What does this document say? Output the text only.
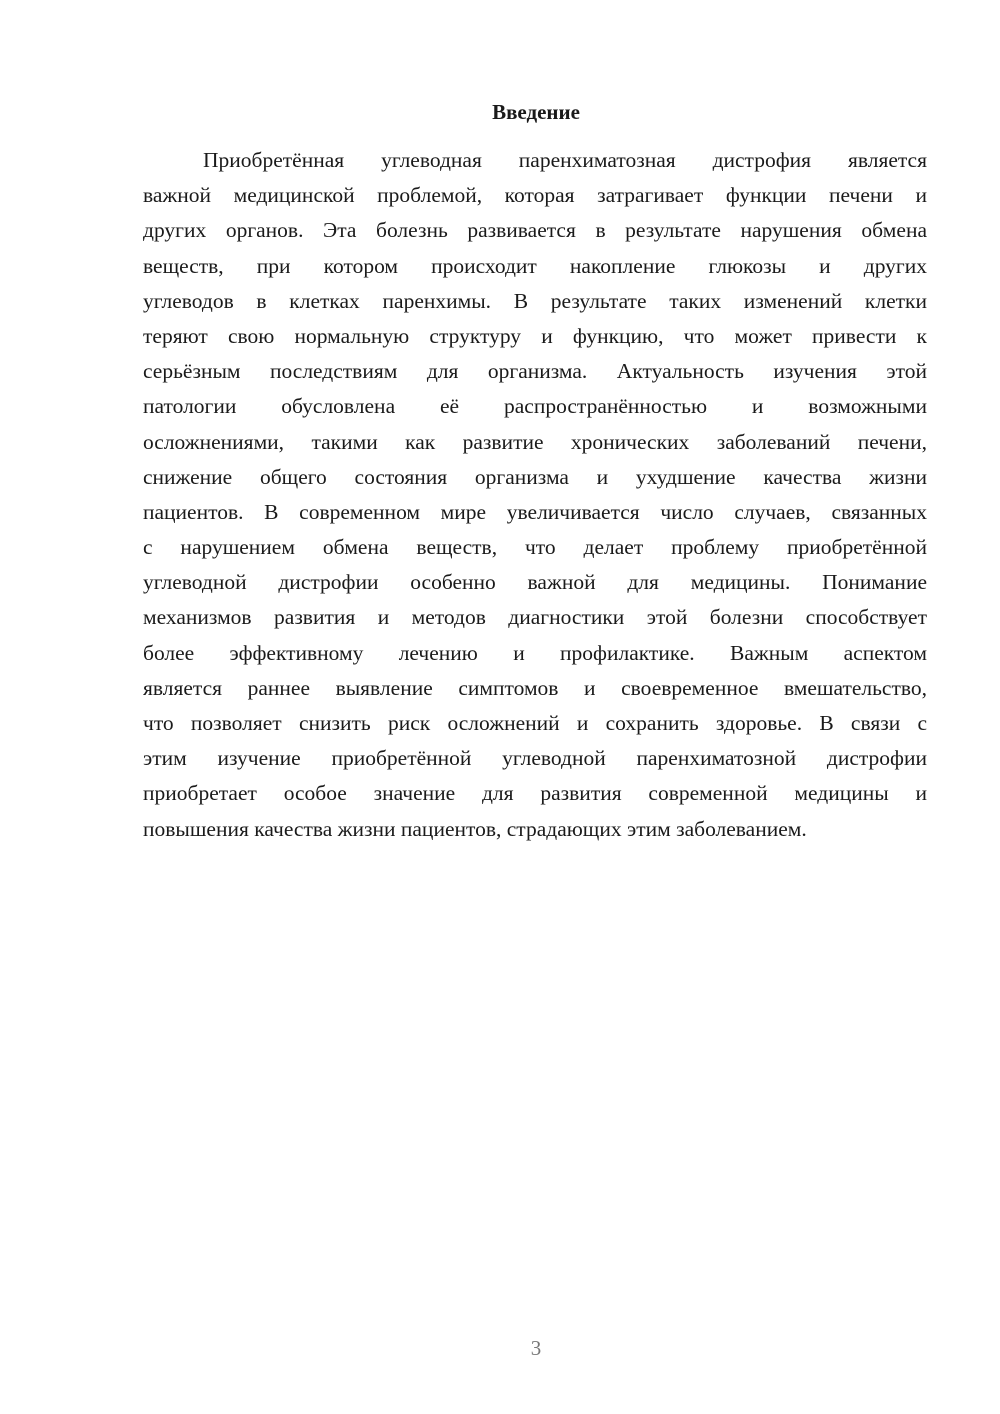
Введение
Приобретённая углеводная паренхиматозная дистрофия является
важной медицинской проблемой, которая затрагивает функции печени и
других органов. Эта болезнь развивается в результате нарушения обмена
веществ, при котором происходит накопление глюкозы и других
углеводов в клетках паренхимы. В результате таких изменений клетки
теряют свою нормальную структуру и функцию, что может привести к
серьёзным последствиям для организма. Актуальность изучения этой
патологии обусловлена её распространённостью и возможными
осложнениями, такими как развитие хронических заболеваний печени,
снижение общего состояния организма и ухудшение качества жизни
пациентов. В современном мире увеличивается число случаев, связанных
с нарушением обмена веществ, что делает проблему приобретённой
углеводной дистрофии особенно важной для медицины. Понимание
механизмов развития и методов диагностики этой болезни способствует
более эффективному лечению и профилактике. Важным аспектом
является раннее выявление симптомов и своевременное вмешательство,
что позволяет снизить риск осложнений и сохранить здоровье. В связи с
этим изучение приобретённой углеводной паренхиматозной дистрофии
приобретает особое значение для развития современной медицины и
повышения качества жизни пациентов, страдающих этим заболеванием.
3
